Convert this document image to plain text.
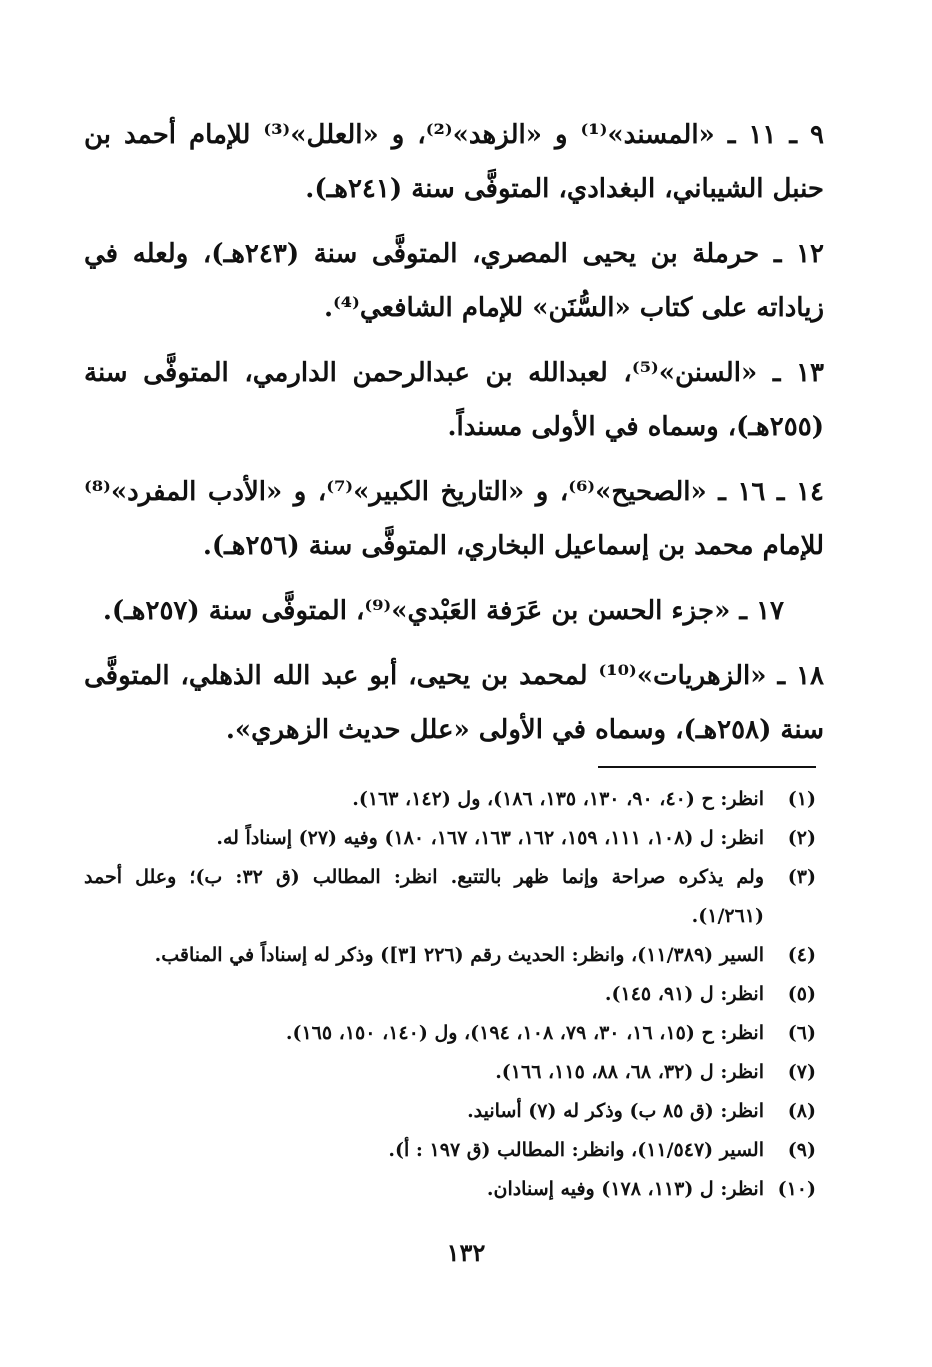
٩ ـ ١١ ـ «المسند»⁽¹⁾ و «الزهد»⁽²⁾، و «العلل»⁽³⁾ للإمام أحمد بن حنبل الشيباني، البغدادي، المتوفَّى سنة (٢٤١هـ).

١٢ ـ حرملة بن يحيى المصري، المتوفَّى سنة (٢٤٣هـ)، ولعله في زياداته على كتاب «السُّنَن» للإمام الشافعي⁽⁴⁾.

١٣ ـ «السنن»⁽⁵⁾، لعبدالله بن عبدالرحمن الدارمي، المتوفَّى سنة (٢٥٥هـ)، وسماه في الأولى مسنداً.

١٤ ـ ١٦ ـ «الصحيح»⁽⁶⁾، و «التاريخ الكبير»⁽⁷⁾، و «الأدب المفرد»⁽⁸⁾ للإمام محمد بن إسماعيل البخاري، المتوفَّى سنة (٢٥٦هـ).

١٧ ـ «جزء الحسن بن عَرَفة العَبْدي»⁽⁹⁾، المتوفَّى سنة (٢٥٧هـ).

١٨ ـ «الزهريات»⁽¹⁰⁾ لمحمد بن يحيى، أبو عبد الله الذهلي، المتوفَّى سنة (٢٥٨هـ)، وسماه في الأولى «علل حديث الزهري».

(١)
انظر: ح (٤٠، ٩٠، ١٣٠، ١٣٥، ١٨٦)، ول (١٤٢، ١٦٣).
(٢)
انظر: ل (١٠٨، ١١١، ١٥٩، ١٦٢، ١٦٣، ١٦٧، ١٨٠) وفيه (٢٧) إسناداً له.
(٣)
ولم يذكره صراحة وإنما ظهر بالتتبع. انظر: المطالب (ق ٣٢: ب)؛ وعلل أحمد (١/٢٦١).
(٤)
السير (١١/٣٨٩)، وانظر: الحديث رقم (٢٢٦ [٣]) وذكر له إسناداً في المناقب.
(٥)
انظر: ل (٩١، ١٤٥).
(٦)
انظر: ح (١٥، ١٦، ٣٠، ٧٩، ١٠٨، ١٩٤)، ول (١٤٠، ١٥٠، ١٦٥).
(٧)
انظر: ل (٣٢، ٦٨، ٨٨، ١١٥، ١٦٦).
(٨)
انظر: (ق ٨٥ ب) وذكر له (٧) أسانيد.
(٩)
السير (١١/٥٤٧)، وانظر: المطالب (ق ١٩٧ : أ).
(١٠)
انظر: ل (١١٣، ١٧٨) وفيه إسنادان.
١٣٢
